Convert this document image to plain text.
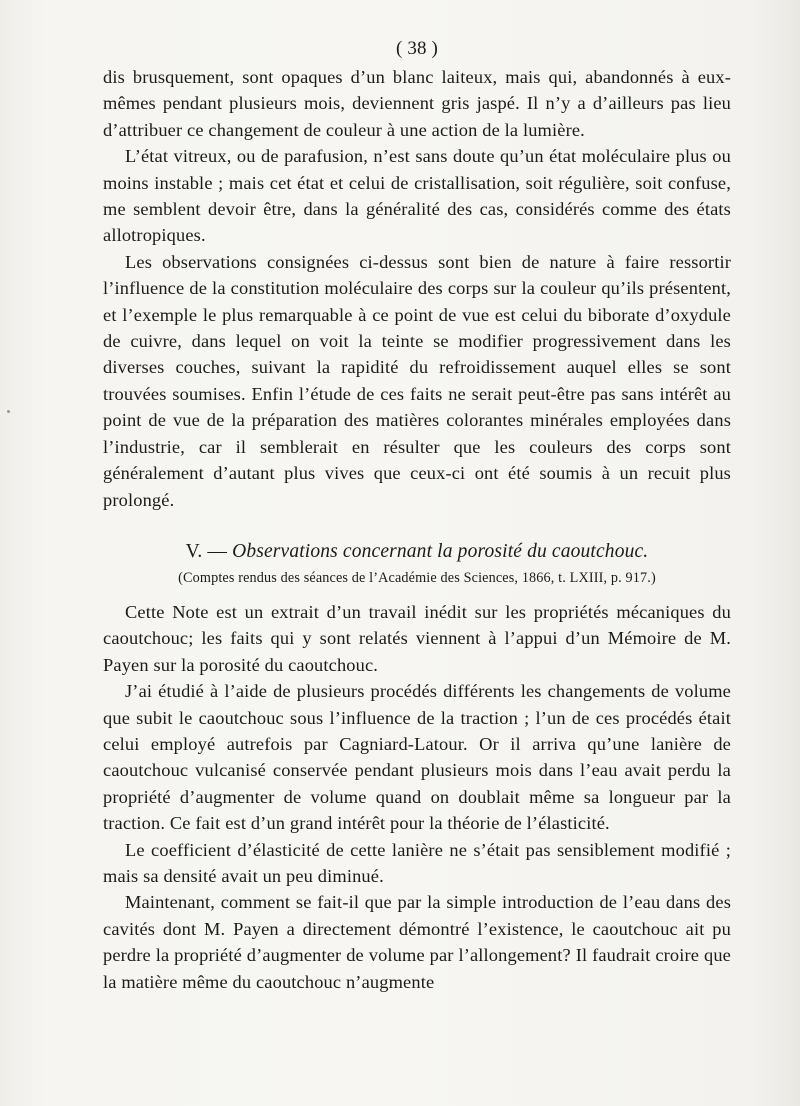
( 38 )

dis brusquement, sont opaques d’un blanc laiteux, mais qui, abandonnés à eux-mêmes pendant plusieurs mois, deviennent gris jaspé. Il n’y a d’ailleurs pas lieu d’attribuer ce changement de couleur à une action de la lumière.

L’état vitreux, ou de parafusion, n’est sans doute qu’un état moléculaire plus ou moins instable ; mais cet état et celui de cristallisation, soit régulière, soit confuse, me semblent devoir être, dans la généralité des cas, considérés comme des états allotropiques.

Les observations consignées ci-dessus sont bien de nature à faire ressortir l’influence de la constitution moléculaire des corps sur la couleur qu’ils présentent, et l’exemple le plus remarquable à ce point de vue est celui du biborate d’oxydule de cuivre, dans lequel on voit la teinte se modifier progressivement dans les diverses couches, suivant la rapidité du refroidissement auquel elles se sont trouvées soumises. Enfin l’étude de ces faits ne serait peut-être pas sans intérêt au point de vue de la préparation des matières colorantes minérales employées dans l’industrie, car il semblerait en résulter que les couleurs des corps sont généralement d’autant plus vives que ceux-ci ont été soumis à un recuit plus prolongé.

V. — Observations concernant la porosité du caoutchouc.
(Comptes rendus des séances de l’Académie des Sciences, 1866, t. LXIII, p. 917.)

Cette Note est un extrait d’un travail inédit sur les propriétés mécaniques du caoutchouc; les faits qui y sont relatés viennent à l’appui d’un Mémoire de M. Payen sur la porosité du caoutchouc.

J’ai étudié à l’aide de plusieurs procédés différents les changements de volume que subit le caoutchouc sous l’influence de la traction ; l’un de ces procédés était celui employé autrefois par Cagniard-Latour. Or il arriva qu’une lanière de caoutchouc vulcanisé conservée pendant plusieurs mois dans l’eau avait perdu la propriété d’augmenter de volume quand on doublait même sa longueur par la traction. Ce fait est d’un grand intérêt pour la théorie de l’élasticité.

Le coefficient d’élasticité de cette lanière ne s’était pas sensiblement modifié ; mais sa densité avait un peu diminué.

Maintenant, comment se fait-il que par la simple introduction de l’eau dans des cavités dont M. Payen a directement démontré l’existence, le caoutchouc ait pu perdre la propriété d’augmenter de volume par l’allongement? Il faudrait croire que la matière même du caoutchouc n’augmente
